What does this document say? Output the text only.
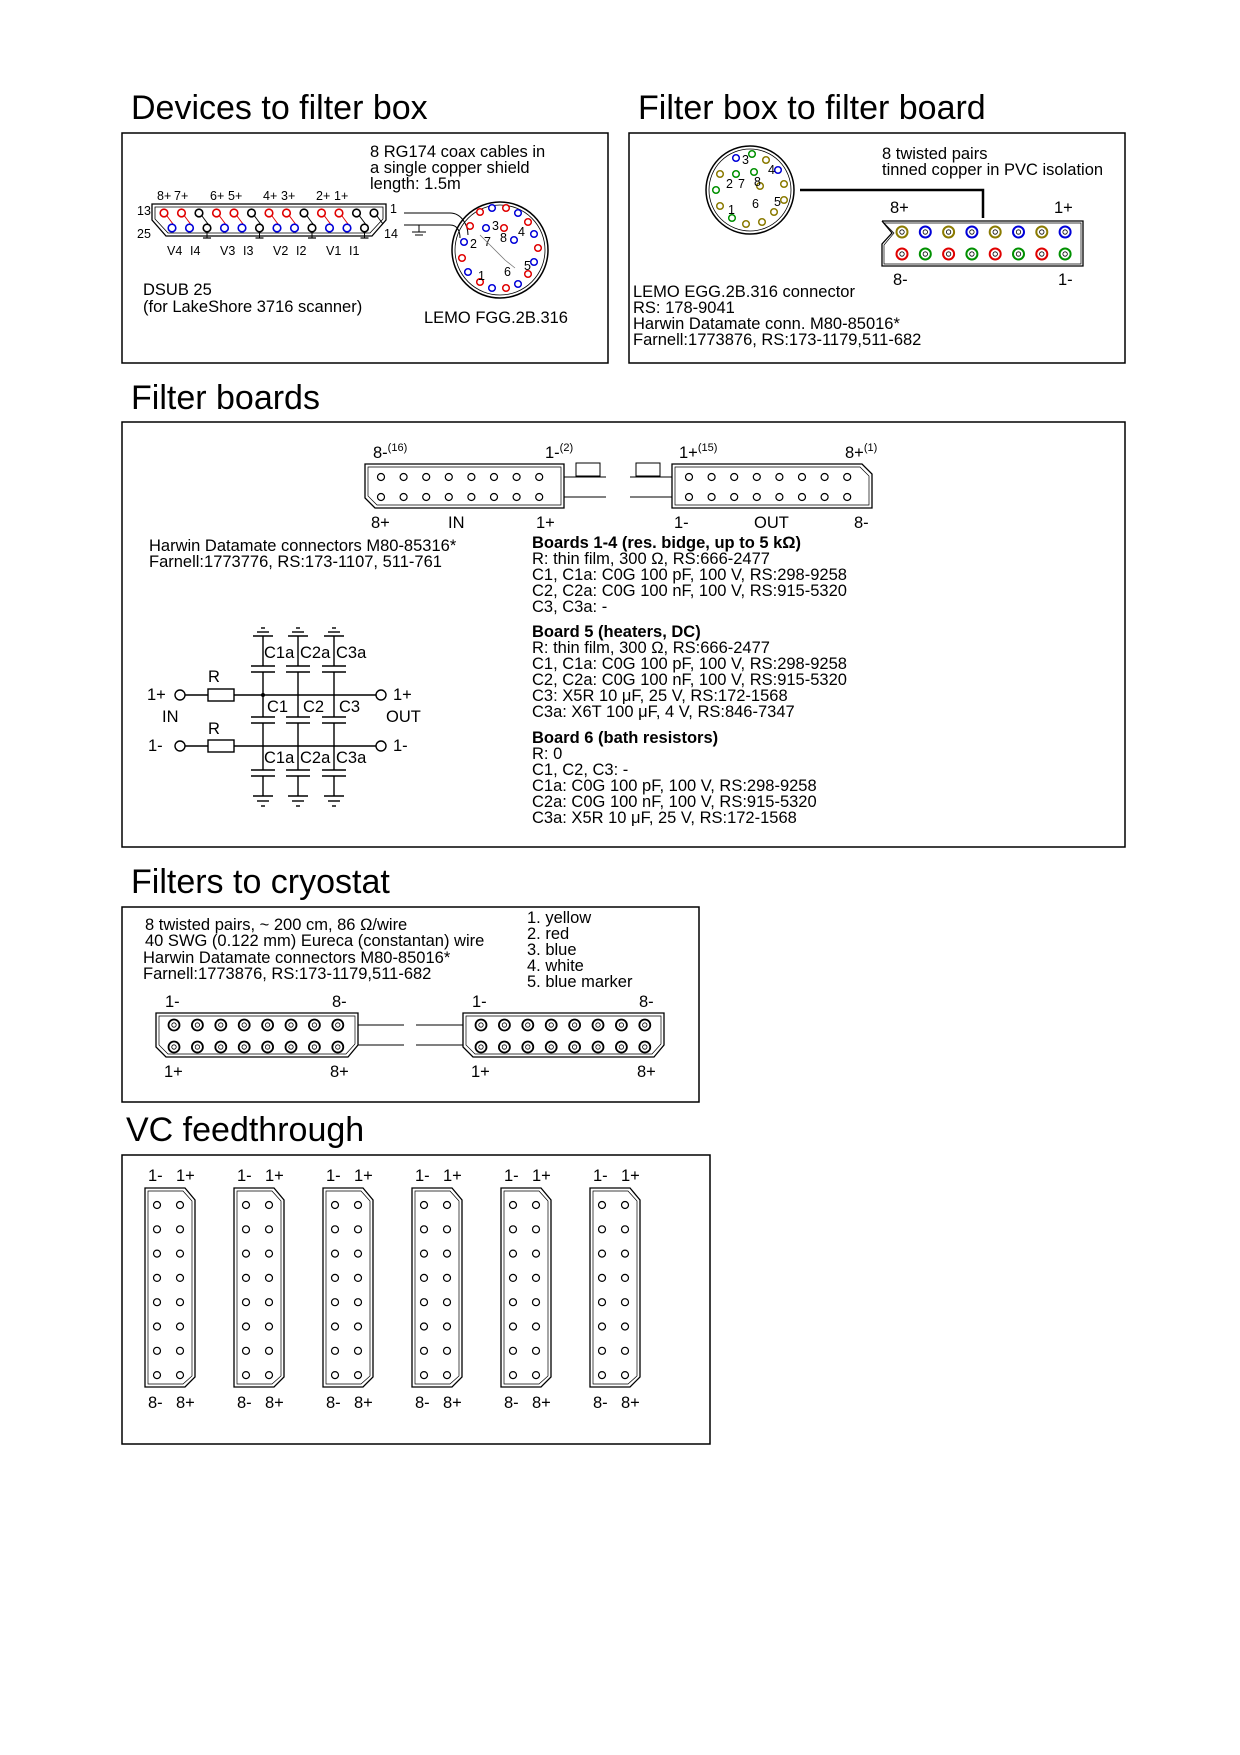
Devices to filter box
8 RG174 coax cables in
a single copper shield
length: 1.5m
13
25
1
14
8+ 7+ 6+ 5+ 4+ 3+ 2+ 1+
V4 I4 V3 I3 V2 I2 V1 I1
DSUB 25
(for LakeShore 3716 scanner)
1
2
3 4
5
6
7 8
LEMO FGG.2B.316
Filter box to filter board
1
2
3
4
5
6
7 8
8 twisted pairs
tinned copper in PVC isolation
8+	1+
8-	1-
LEMO EGG.2B.316 connector
RS: 178-9041
Harwin Datamate conn. M80-85016*
Farnell:1773876, RS:173-1179,511-682
Filter boards
8-$^{(16)}$	1-$^{(2)}$	1+$^{(15)}$	8+$^{(1)}$
8+	IN	1+	1-	OUT	8-
Harwin Datamate connectors M80-85316*
Farnell:1773776, RS:173-1107, 511-761
R
R
C1a C2a C3a
C1 C2 C3
C1a C2a C3a
1+
IN
1-
1+
OUT
1-
Boards 1-4 (res. bidge, up to 5 kΩ)
R: thin film, 300 Ω, RS:666-2477
C1, C1a: C0G 100 pF, 100 V, RS:298-9258
C2, C2a: C0G 100 nF, 100 V, RS:915-5320
C3, C3a: -
Board 5 (heaters, DC)
R: thin film, 300 Ω, RS:666-2477
C1, C1a: C0G 100 pF, 100 V, RS:298-9258
C2, C2a: C0G 100 nF, 100 V, RS:915-5320
C3: X5R 10 μF, 25 V, RS:172-1568
C3a: X6T 100 μF, 4 V, RS:846-7347
Board 6 (bath resistors)
R: 0
C1, C2, C3: -
C1a: C0G 100 pF, 100 V, RS:298-9258
C2a: C0G 100 nF, 100 V, RS:915-5320
C3a: X5R 10 μF, 25 V, RS:172-1568
Filters to cryostat
8 twisted pairs, ~ 200 cm, 86 Ω/wire
40 SWG (0.122 mm) Eureca (constantan) wire
Harwin Datamate connectors M80-85016*
Farnell:1773876, RS:173-1179,511-682
1. yellow
2. red
3. blue
4. white
5. blue marker
1-	8-	1-	8-
1+	8+	1+	8+
VC feedthrough
1- 1+
8- 8+
1- 1+
8- 8+
1- 1+
8- 8+
1- 1+
8- 8+
1- 1+
8- 8+
1- 1+
8- 8+
